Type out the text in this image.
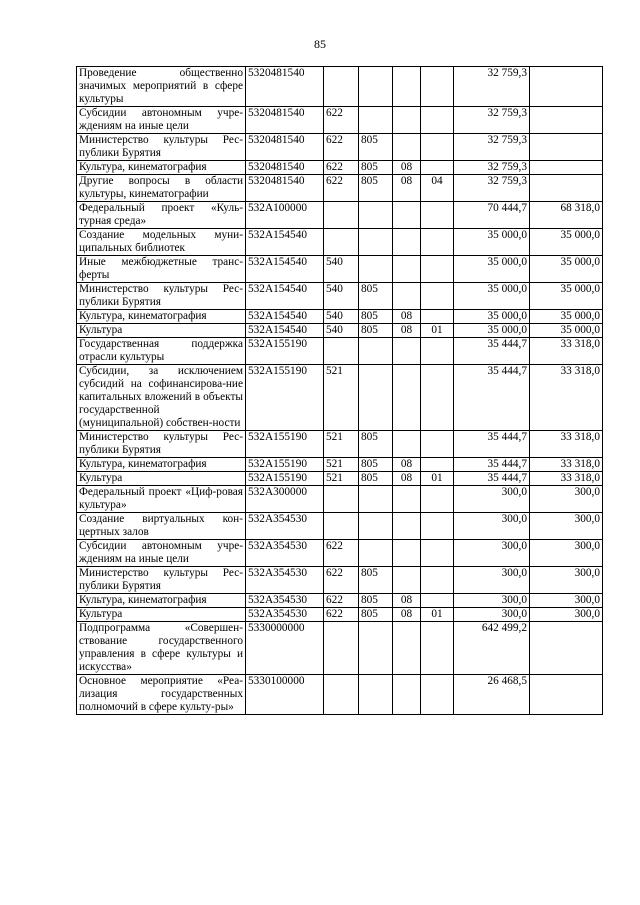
85
Проведение общественно значимых мероприятий в сфере культуры	5320481540					32 759,3	
Субсидии автономным учре-ждениям на иные цели	5320481540	622				32 759,3	
Министерство культуры Рес-публики Бурятия	5320481540	622	805			32 759,3	
Культура, кинематография	5320481540	622	805	08		32 759,3	
Другие вопросы в области культуры, кинематографии	5320481540	622	805	08	04	32 759,3	
Федеральный проект «Куль-турная среда»	532A100000					70 444,7	68 318,0
Создание модельных муни-ципальных библиотек	532A154540					35 000,0	35 000,0
Иные межбюджетные транс-ферты	532A154540	540				35 000,0	35 000,0
Министерство культуры Рес-публики Бурятия	532A154540	540	805			35 000,0	35 000,0
Культура, кинематография	532A154540	540	805	08		35 000,0	35 000,0
Культура	532A154540	540	805	08	01	35 000,0	35 000,0
Государственная поддержка отрасли культуры	532A155190					35 444,7	33 318,0
Субсидии, за исключением субсидий на софинансирова-ние капитальных вложений в объекты государственной (муниципальной) собствен-ности	532A155190	521				35 444,7	33 318,0
Министерство культуры Рес-публики Бурятия	532A155190	521	805			35 444,7	33 318,0
Культура, кинематография	532A155190	521	805	08		35 444,7	33 318,0
Культура	532A155190	521	805	08	01	35 444,7	33 318,0
Федеральный проект «Циф-ровая культура»	532A300000					300,0	300,0
Создание виртуальных кон-цертных залов	532A354530					300,0	300,0
Субсидии автономным учре-ждениям на иные цели	532A354530	622				300,0	300,0
Министерство культуры Рес-публики Бурятия	532A354530	622	805			300,0	300,0
Культура, кинематография	532A354530	622	805	08		300,0	300,0
Культура	532A354530	622	805	08	01	300,0	300,0
Подпрограмма «Совершен-ствование государственного управления в сфере культуры и искусства»	5330000000					642 499,2	
Основное мероприятие «Реа-лизация государственных полномочий в сфере культу-ры»	5330100000					26 468,5	
